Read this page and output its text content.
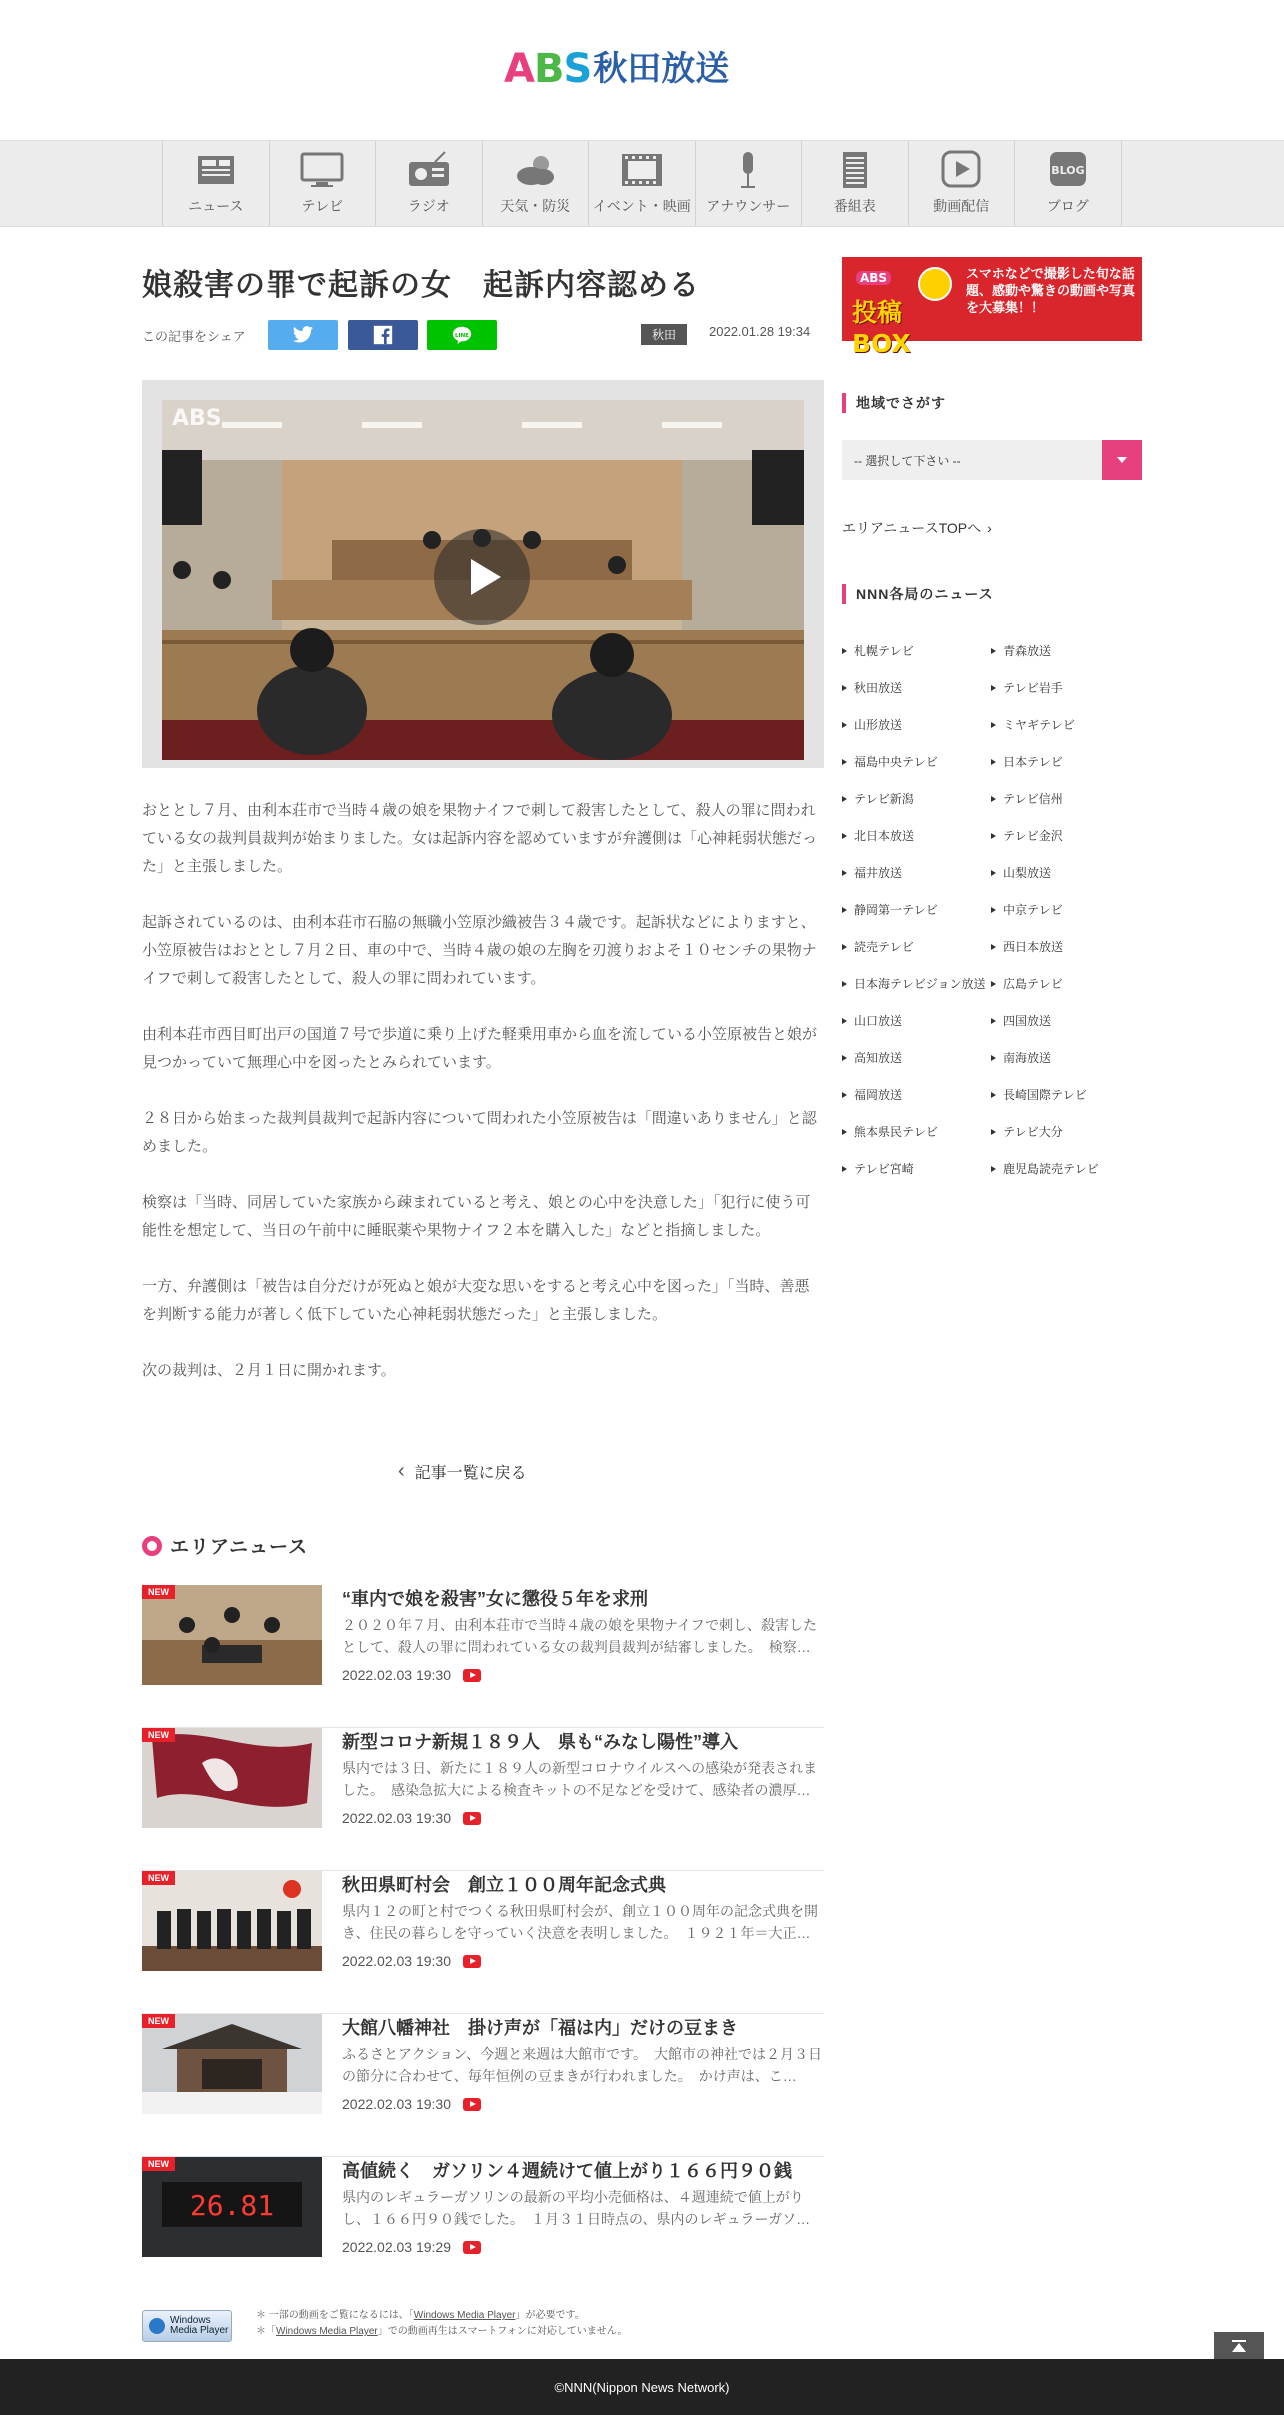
ABS 秋田放送
ニュース	テレビ	ラジオ	天気・防災 イベント・映画 アナウンサー	番組表	動画配信
BLOG
ブログ
娘殺害の罪で起訴の女　起訴内容認める
この記事をシェア	LINE	秋田	2022.01.28 19:34
ABS

おととし７月、由利本荘市で当時４歳の娘を果物ナイフで刺して殺害したとして、殺人の罪に問われている女の裁判員裁判が始まりました。女は起訴内容を認めていますが弁護側は「心神耗弱状態だった」と主張しました。

起訴されているのは、由利本荘市石脇の無職小笠原沙織被告３４歳です。起訴状などによりますと、小笠原被告はおととし７月２日、車の中で、当時４歳の娘の左胸を刃渡りおよそ１０センチの果物ナイフで刺して殺害したとして、殺人の罪に問われています。

由利本荘市西目町出戸の国道７号で歩道に乗り上げた軽乗用車から血を流している小笠原被告と娘が見つかっていて無理心中を図ったとみられています。

２８日から始まった裁判員裁判で起訴内容について問われた小笠原被告は「間違いありません」と認めました。

検察は「当時、同居していた家族から疎まれていると考え、娘との心中を決意した」「犯行に使う可能性を想定して、当日の午前中に睡眠薬や果物ナイフ２本を購入した」などと指摘しました。

一方、弁護側は「被告は自分だけが死ぬと娘が大変な思いをすると考え心中を図った」「当時、善悪を判断する能力が著しく低下していた心神耗弱状態だった」と主張しました。

次の裁判は、２月１日に開かれます。

‹ 記事一覧に戻る
エリアニュース
NEW	“車内で娘を殺害”女に懲役５年を求刑
２０２０年７月、由利本荘市で当時４歳の娘を果物ナイフで刺し、殺害したとして、殺人の罪に問われている女の裁判員裁判が結審しました。　検察…
2022.02.03 19:30
NEW	新型コロナ新規１８９人　県も“みなし陽性”導入
県内では３日、新たに１８９人の新型コロナウイルスへの感染が発表されました。　感染急拡大による検査キットの不足などを受けて、感染者の濃厚…
2022.02.03 19:30
NEW	秋田県町村会　創立１００周年記念式典
県内１２の町と村でつくる秋田県町村会が、創立１００周年の記念式典を開き、住民の暮らしを守っていく決意を表明しました。　１９２１年＝大正…
2022.02.03 19:30
NEW	大館八幡神社　掛け声が「福は内」だけの豆まき
ふるさとアクション、今週と来週は大館市です。　大館市の神社では２月３日の節分に合わせて、毎年恒例の豆まきが行われました。　かけ声は、こ…
2022.02.03 19:30
26.81
NEW	高値続く　ガソリン４週続けて値上がり１６６円９０銭
県内のレギュラーガソリンの最新の平均小売価格は、４週連続で値上がりし、１６６円９０銭でした。　１月３１日時点の、県内のレギュラーガソ…
2022.02.03 19:29
Windows
Media Player
＊ 一部の動画をご覧になるには、「Windows Media Player」が必要です。
＊「Windows Media Player」での動画再生はスマートフォンに対応していません。
©NNN(Nippon News Network)
ABS
投稿BOX
スマホなどで撮影した旬な話題、感動や驚きの動画や写真を大募集！！
地域でさがす
-- 選択して下さい --
エリアニュースTOPへ ›
NNN各局のニュース
札幌テレビ
秋田放送
山形放送
福島中央テレビ
テレビ新潟
北日本放送
福井放送
静岡第一テレビ
読売テレビ
日本海テレビジョン放送
山口放送
高知放送
福岡放送
熊本県民テレビ
テレビ宮崎
青森放送
テレビ岩手
ミヤギテレビ
日本テレビ
テレビ信州
テレビ金沢
山梨放送
中京テレビ
西日本放送
広島テレビ
四国放送
南海放送
長崎国際テレビ
テレビ大分
鹿児島読売テレビ
